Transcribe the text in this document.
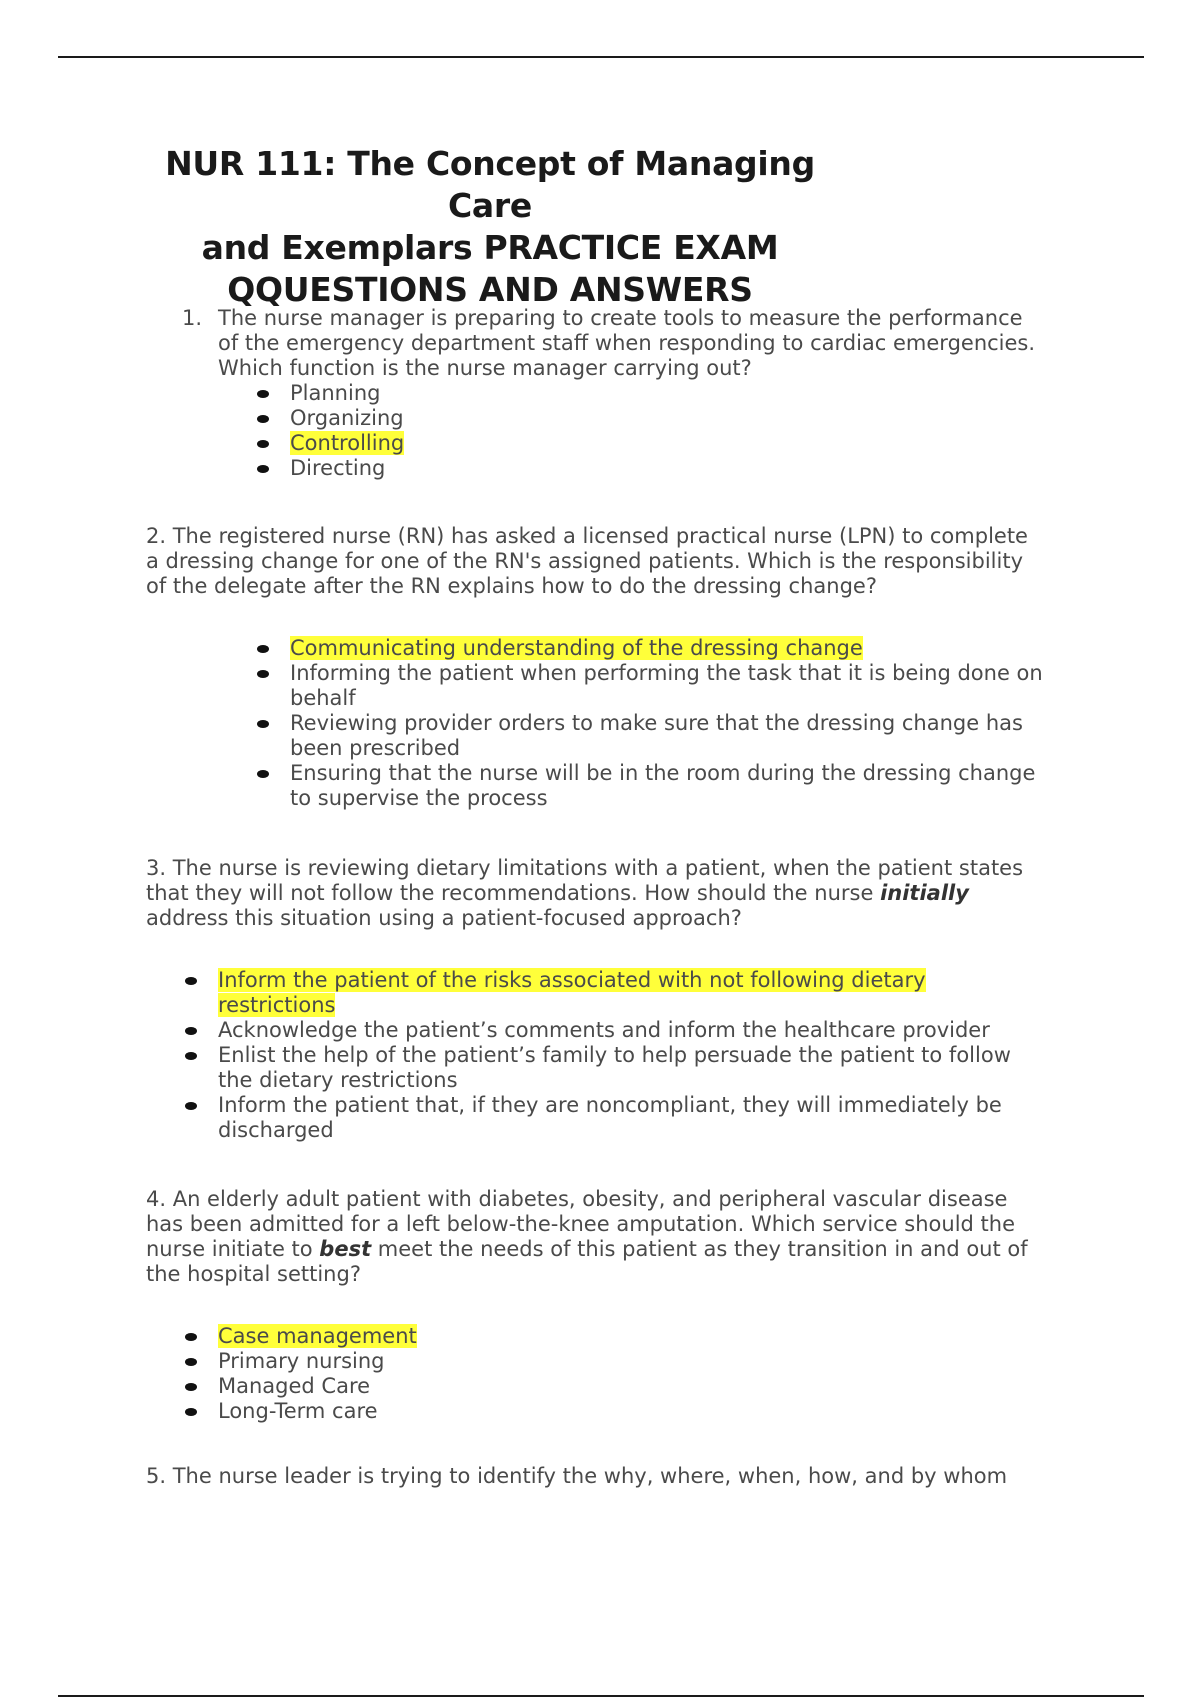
NUR 111: The Concept of Managing Care
and Exemplars PRACTICE EXAM
QQUESTIONS AND ANSWERS
1. The nurse manager is preparing to create tools to measure the performance

of the emergency department staff when responding to cardiac emergencies.

Which function is the nurse manager carrying out?

Planning
Organizing
Controlling
Directing

2. The registered nurse (RN) has asked a licensed practical nurse (LPN) to complete

a dressing change for one of the RN's assigned patients. Which is the responsibility

of the delegate after the RN explains how to do the dressing change?

Communicating understanding of the dressing change
Informing the patient when performing the task that it is being done on
behalf
Reviewing provider orders to make sure that the dressing change has
been prescribed
Ensuring that the nurse will be in the room during the dressing change
to supervise the process

3. The nurse is reviewing dietary limitations with a patient, when the patient states

that they will not follow the recommendations. How should the nurse initially

address this situation using a patient-focused approach?

Inform the patient of the risks associated with not following dietary
restrictions
Acknowledge the patient’s comments and inform the healthcare provider
Enlist the help of the patient’s family to help persuade the patient to follow
the dietary restrictions
Inform the patient that, if they are noncompliant, they will immediately be
discharged

4. An elderly adult patient with diabetes, obesity, and peripheral vascular disease

has been admitted for a left below-the-knee amputation. Which service should the

nurse initiate to best meet the needs of this patient as they transition in and out of

the hospital setting?

Case management
Primary nursing
Managed Care
Long-Term care

5. The nurse leader is trying to identify the why, where, when, how, and by whom
